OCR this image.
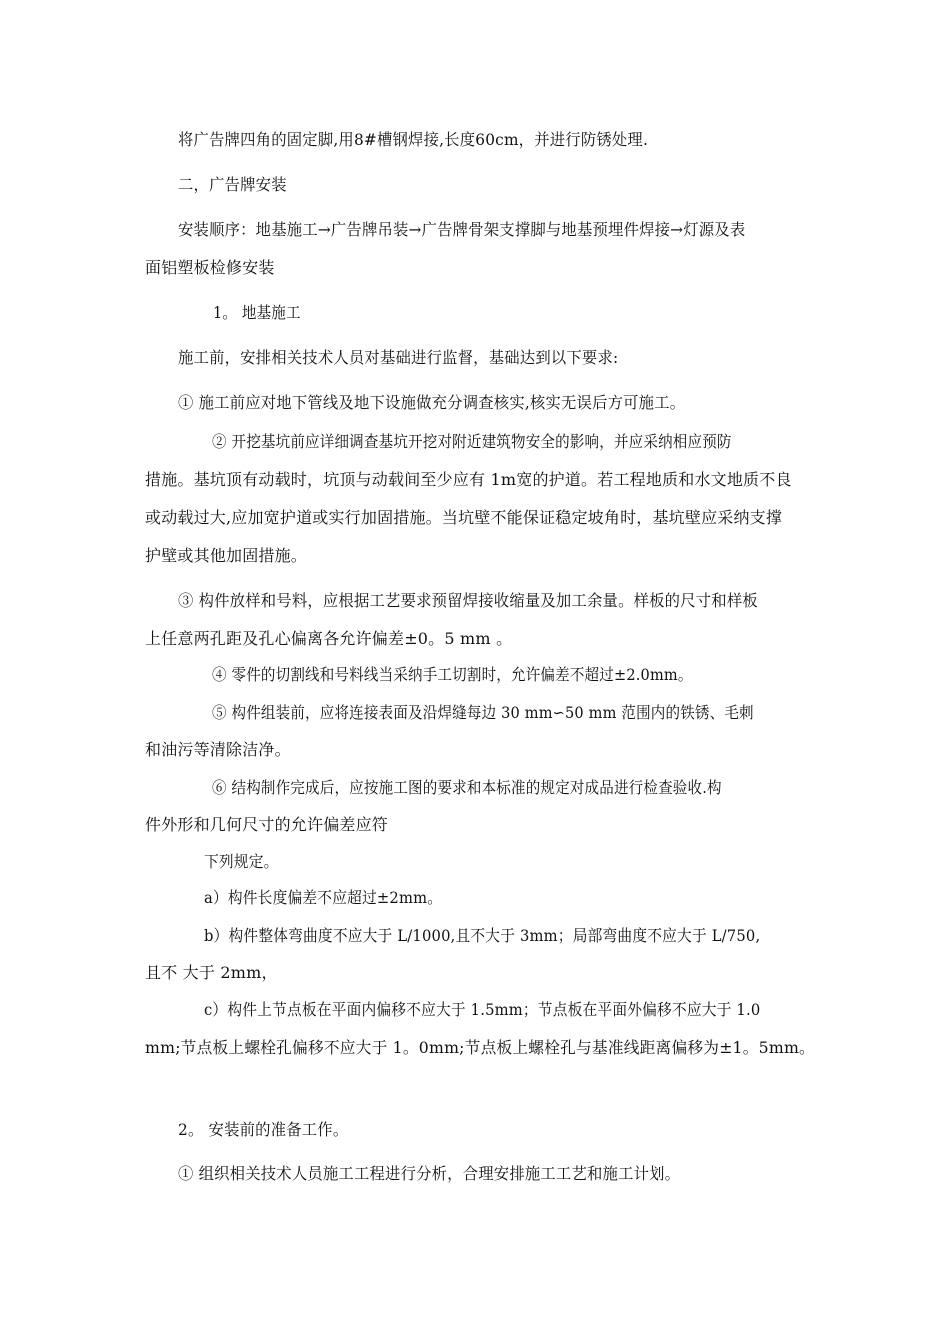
将广告牌四角的固定脚,用8#槽钢焊接,长度60cm，并进行防锈处理.
二，广告牌安装
安装顺序：地基施工→广告牌吊装→广告牌骨架支撑脚与地基预埋件焊接→灯源及表
面铝塑板检修安装
1。 地基施工
施工前，安排相关技术人员对基础进行监督，基础达到以下要求:
① 施工前应对地下管线及地下设施做充分调查核实,核实无误后方可施工。
② 开挖基坑前应详细调查基坑开挖对附近建筑物安全的影响，并应采纳相应预防
措施。基坑顶有动载时，坑顶与动载间至少应有 1m宽的护道。若工程地质和水文地质不良
或动载过大,应加宽护道或实行加固措施。当坑壁不能保证稳定坡角时，基坑壁应采纳支撑
护壁或其他加固措施。
③ 构件放样和号料，应根据工艺要求预留焊接收缩量及加工余量。样板的尺寸和样板
上任意两孔距及孔心偏离各允许偏差±0。5 mm 。
④ 零件的切割线和号料线当采纳手工切割时，允许偏差不超过±2.0mm。
⑤ 构件组装前，应将连接表面及沿焊缝每边 30 mm∽50 mm 范围内的铁锈、毛刺
和油污等清除洁净。
⑥ 结构制作完成后，应按施工图的要求和本标准的规定对成品进行检查验收.构
件外形和几何尺寸的允许偏差应符
下列规定。
a）构件长度偏差不应超过±2mm。
b）构件整体弯曲度不应大于 L/1000,且不大于 3mm；局部弯曲度不应大于 L/750,
且不 大于 2mm，
c）构件上节点板在平面内偏移不应大于 1.5mm；节点板在平面外偏移不应大于 1.0
mm;节点板上螺栓孔偏移不应大于 1。0mm;节点板上螺栓孔与基准线距离偏移为±1。5mm。
2。 安装前的准备工作。
① 组织相关技术人员施工工程进行分析，合理安排施工工艺和施工计划。
